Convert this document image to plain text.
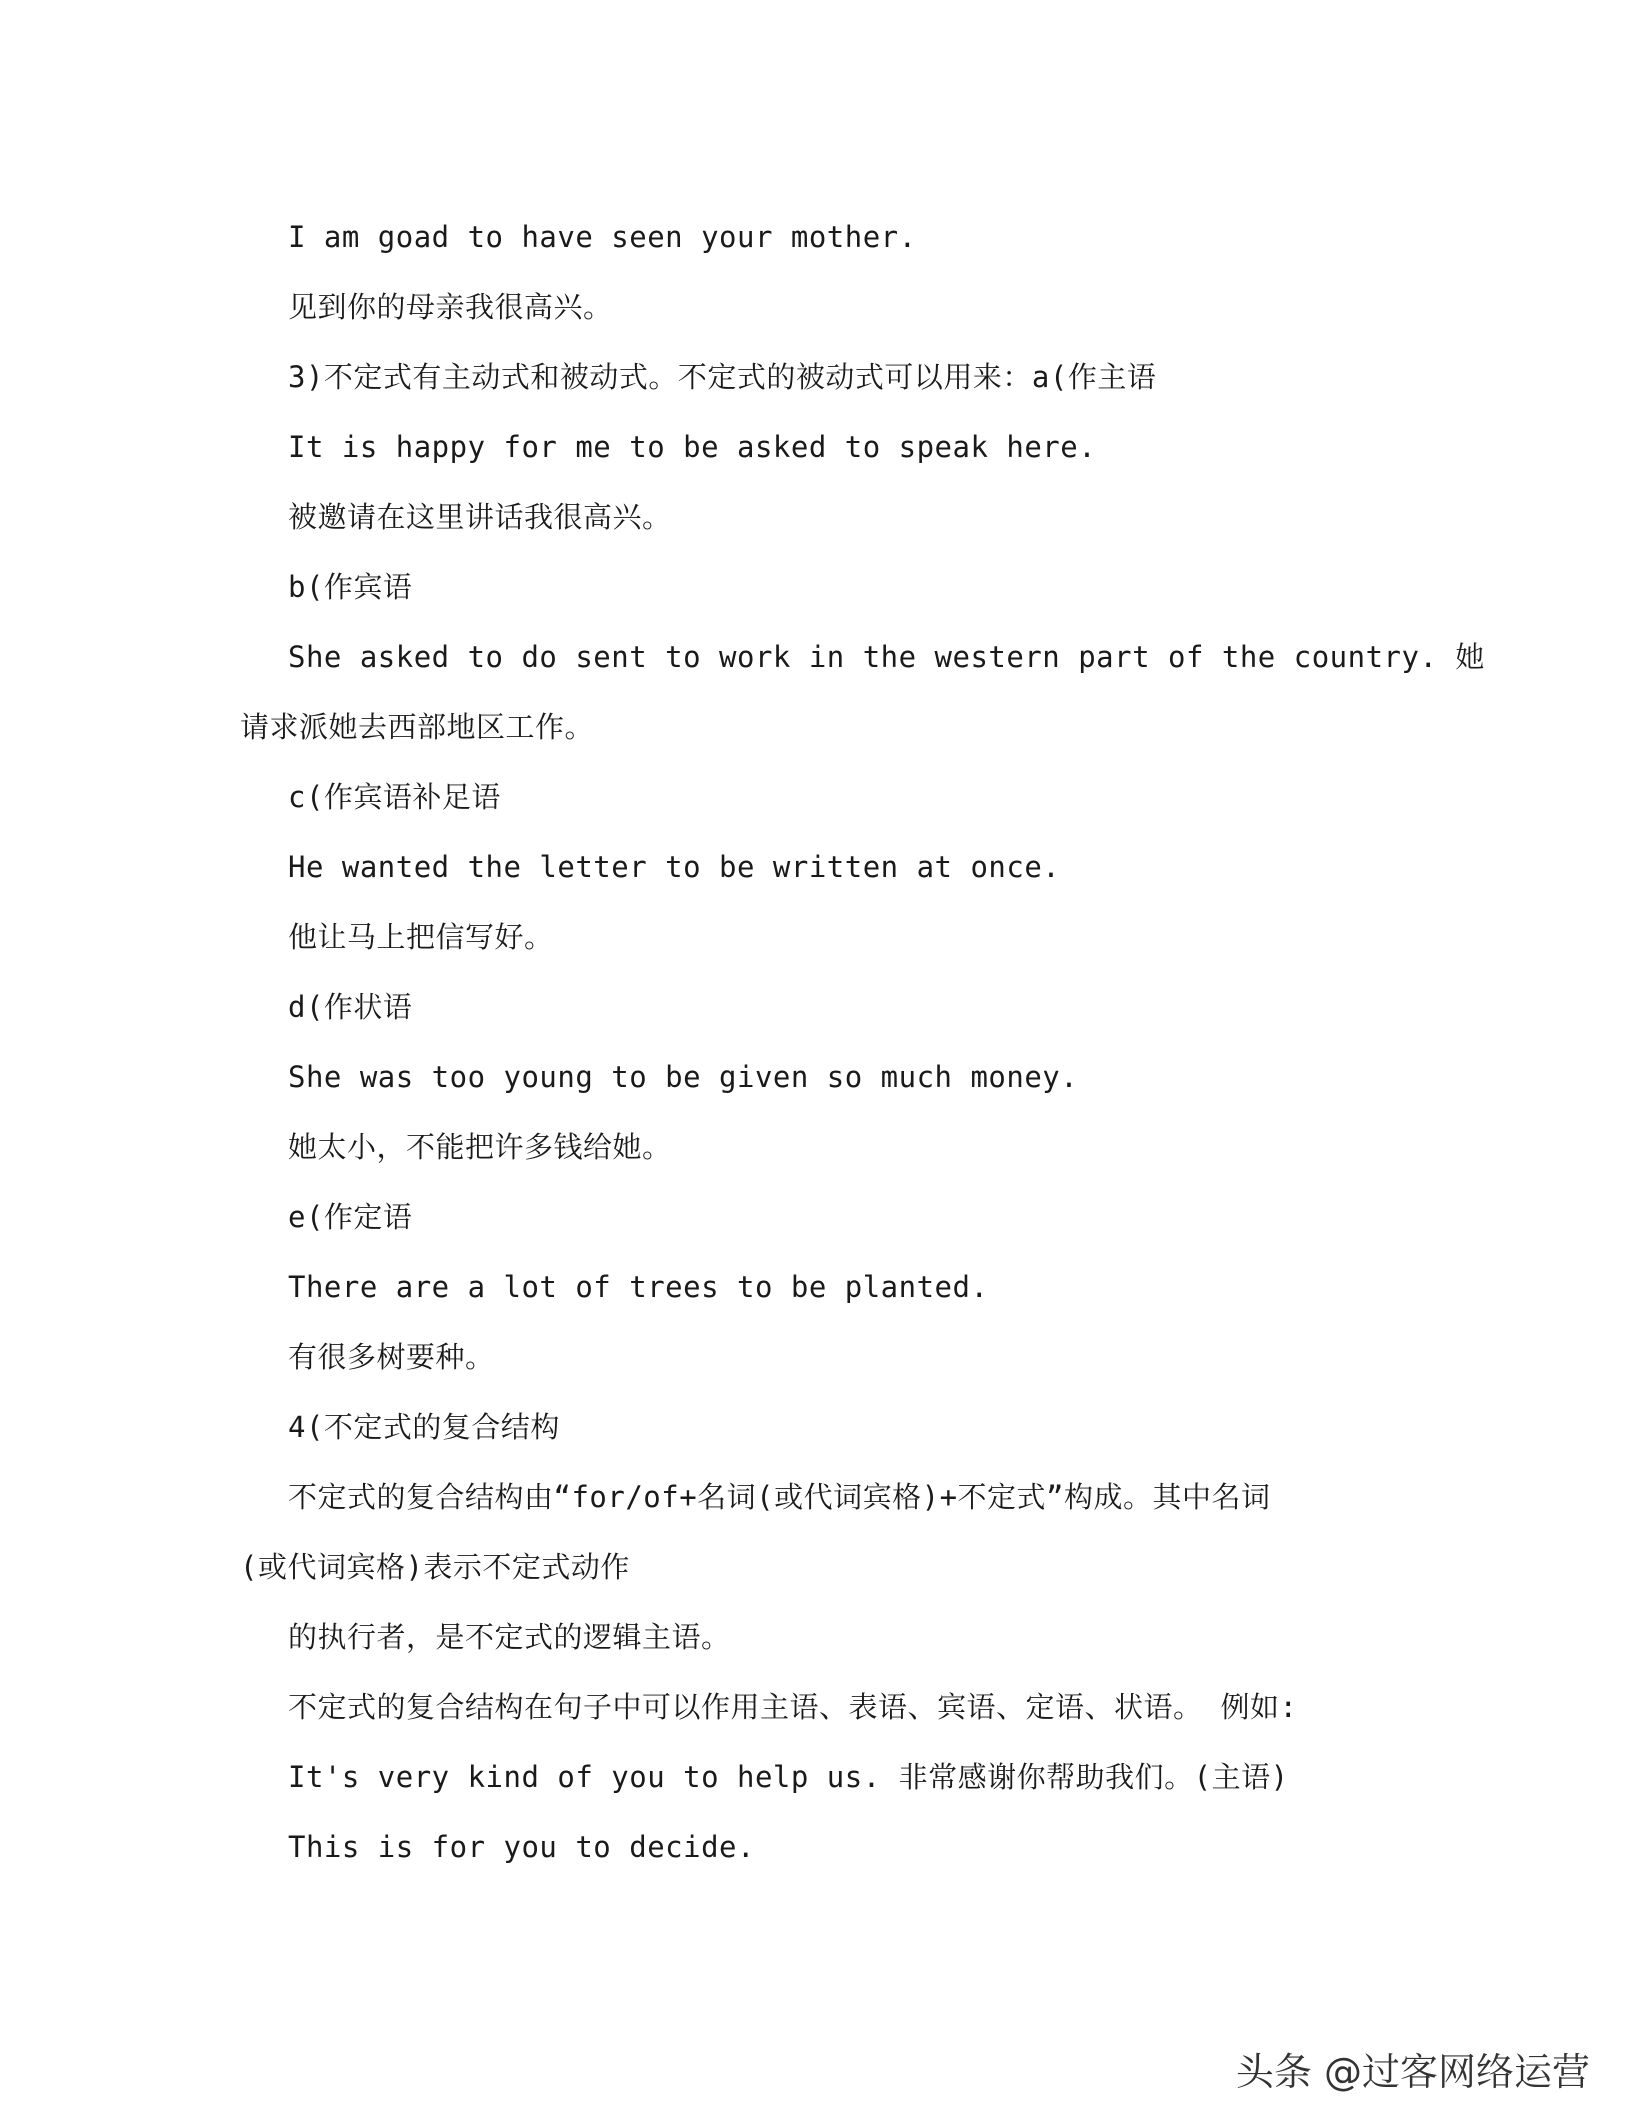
I am goad to have seen your mother.
见到你的母亲我很高兴。
3)不定式有主动式和被动式。不定式的被动式可以用来：a(作主语
It is happy for me to be asked to speak here.
被邀请在这里讲话我很高兴。
b(作宾语
She asked to do sent to work in the western part of the country. 她
请求派她去西部地区工作。
c(作宾语补足语
He wanted the letter to be written at once.
他让马上把信写好。
d(作状语
She was too young to be given so much money.
她太小，不能把许多钱给她。
e(作定语
There are a lot of trees to be planted.
有很多树要种。
4(不定式的复合结构
不定式的复合结构由“for/of+名词(或代词宾格)+不定式”构成。其中名词
(或代词宾格)表示不定式动作
的执行者，是不定式的逻辑主语。
不定式的复合结构在句子中可以作用主语、表语、宾语、定语、状语。 例如:
It's very kind of you to help us. 非常感谢你帮助我们。(主语)
This is for you to decide.
头条 @过客网络运营
